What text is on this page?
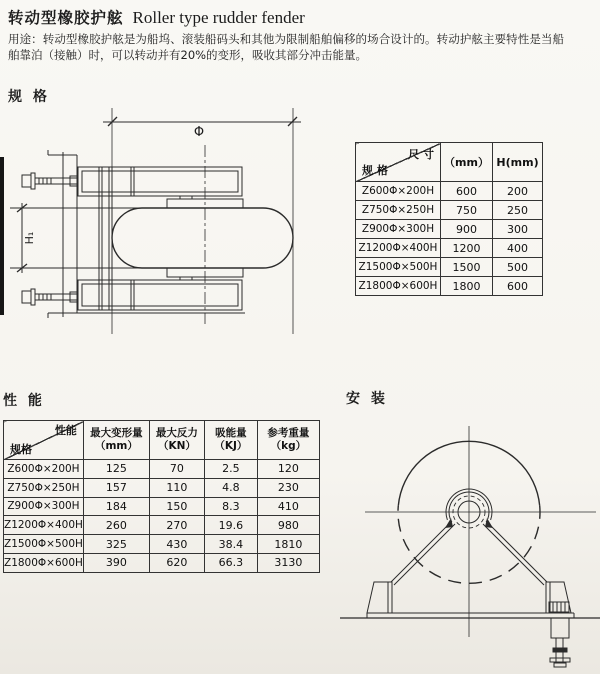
转动型橡胶护舷 Roller type rudder fender
用途：转动型橡胶护舷是为船坞、滚装船码头和其他为限制船舶偏移的场合设计的。转动护舷主要特性是当船舶靠泊（接触）时，可以转动并有20%的变形，吸收其部分冲击能量。
规 格
性 能	安 装
Φ
H₁
尺 寸
规 格	（mm）	H(mm)
Z600Φ×200H	600	200
Z750Φ×250H	750	250
Z900Φ×300H	900	300
Z1200Φ×400H	1200	400
Z1500Φ×500H	1500	500
Z1800Φ×600H	1800	600
性能
规格

最大变形量
（mm）

最大反力
（KN）

吸能量
（KJ）

参考重量
（kg）

Z600Φ×200H	125	70	2.5	120
Z750Φ×250H	157	110	4.8	230
Z900Φ×300H	184	150	8.3	410
Z1200Φ×400H	260	270	19.6	980
Z1500Φ×500H	325	430	38.4	1810
Z1800Φ×600H	390	620	66.3	3130
